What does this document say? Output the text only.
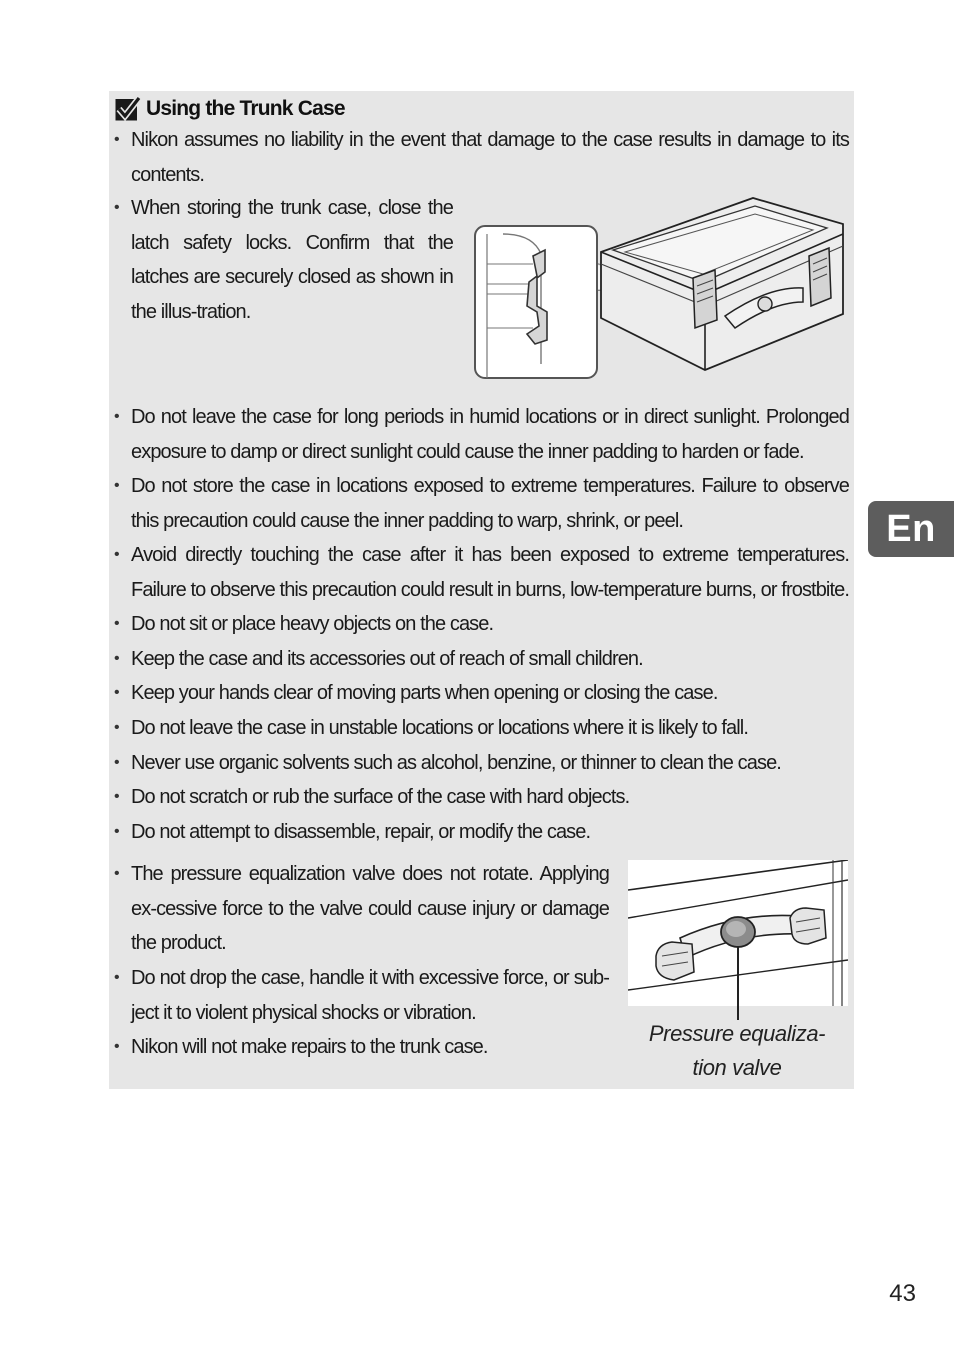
Using the Trunk Case
• Nikon assumes no liability in the event that damage to the case results in damage to its contents.
• When storing the trunk case, close the latch safety locks. Confirm that the latches are securely closed as shown in the illus-tration.
• Do not leave the case for long periods in humid locations or in direct sunlight. Prolonged exposure to damp or direct sunlight could cause the inner padding to harden or fade.
• Do not store the case in locations exposed to extreme temperatures. Failure to observe this precaution could cause the inner padding to warp, shrink, or peel.
• Avoid directly touching the case after it has been exposed to extreme temperatures. Failure to observe this precaution could result in burns, low-temperature burns, or frostbite.
• Do not sit or place heavy objects on the case.
• Keep the case and its accessories out of reach of small children.
• Keep your hands clear of moving parts when opening or closing the case.
• Do not leave the case in unstable locations or locations where it is likely to fall.
• Never use organic solvents such as alcohol, benzine, or thinner to clean the case.
• Do not scratch or rub the surface of the case with hard objects.
• Do not attempt to disassemble, repair, or modify the case.
• The pressure equalization valve does not rotate. Applying ex-cessive force to the valve could cause injury or damage the product.
• Do not drop the case, handle it with excessive force, or sub-ject it to violent physical shocks or vibration.
• Nikon will not make repairs to the trunk case.
Pressure equaliza-
tion valve
En
43
